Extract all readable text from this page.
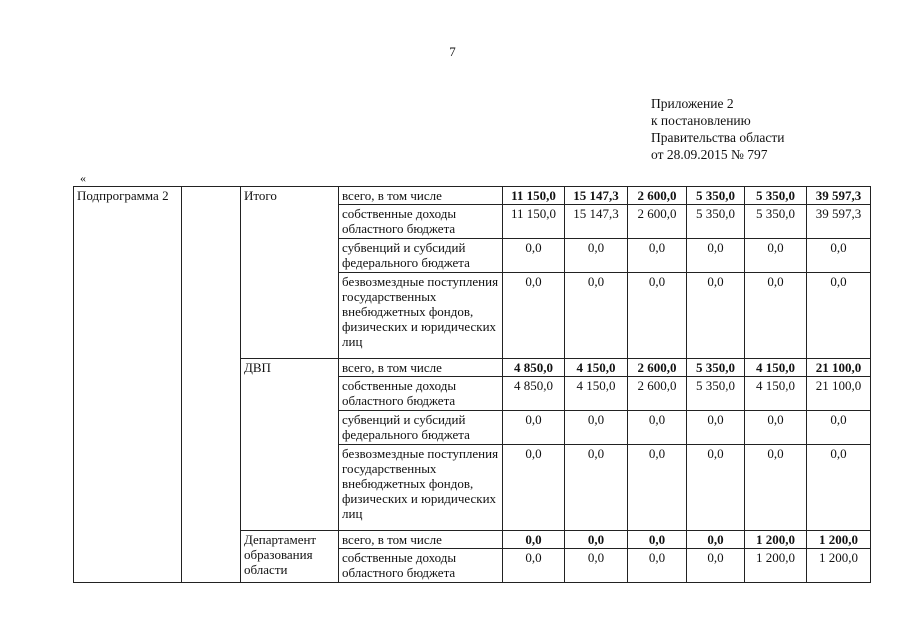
7
Приложение 2
к постановлению
Правительства области
от 28.09.2015 № 797
«
Подпрограмма 2		Итого	всего, в том числе	11 150,0	15 147,3	2 600,0	5 350,0	5 350,0	39 597,3
			собственные доходы областного бюджета	11 150,0	15 147,3	2 600,0	5 350,0	5 350,0	39 597,3
			субвенций и субсидий федерального бюджета	0,0	0,0	0,0	0,0	0,0	0,0
			безвозмездные поступления государственных внебюджетных фондов, физических и юридических лиц	0,0	0,0	0,0	0,0	0,0	0,0
		ДВП	всего, в том числе	4 850,0	4 150,0	2 600,0	5 350,0	4 150,0	21 100,0
			собственные доходы областного бюджета	4 850,0	4 150,0	2 600,0	5 350,0	4 150,0	21 100,0
			субвенций и субсидий федерального бюджета	0,0	0,0	0,0	0,0	0,0	0,0
			безвозмездные поступления государственных внебюджетных фондов, физических и юридических лиц	0,0	0,0	0,0	0,0	0,0	0,0
		Департамент образования области	всего, в том числе	0,0	0,0	0,0	0,0	1 200,0	1 200,0
			собственные доходы областного бюджета	0,0	0,0	0,0	0,0	1 200,0	1 200,0
